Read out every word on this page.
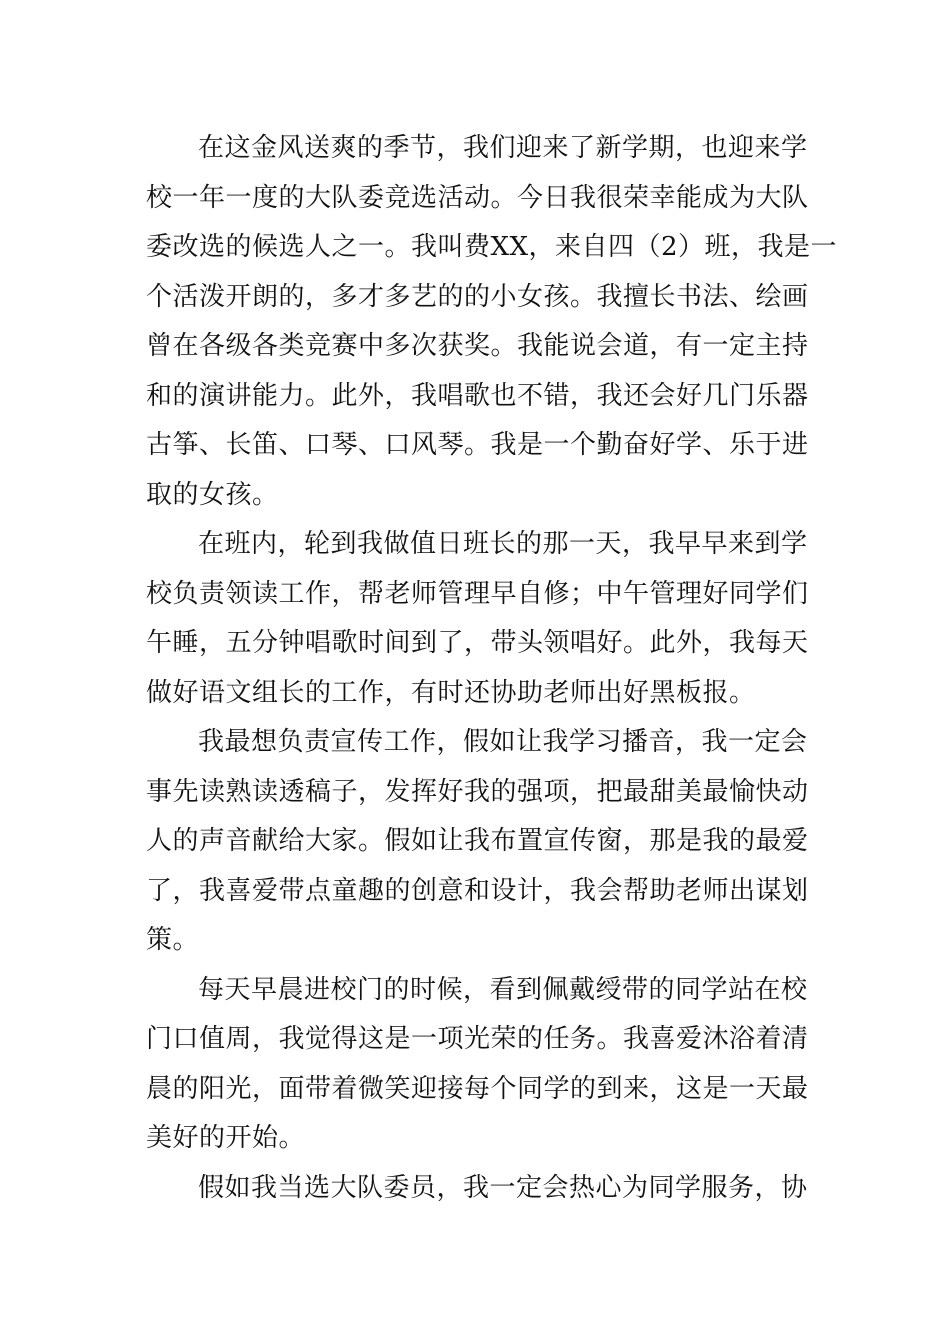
在这金风送爽的季节，我们迎来了新学期，也迎来学
校一年一度的大队委竞选活动。今日我很荣幸能成为大队
委改选的候选人之一。我叫费XX，来自四（2）班，我是一
个活泼开朗的，多才多艺的的小女孩。我擅长书法、绘画
曾在各级各类竞赛中多次获奖。我能说会道，有一定主持
和的演讲能力。此外，我唱歌也不错，我还会好几门乐器
古筝、长笛、口琴、口风琴。我是一个勤奋好学、乐于进
取的女孩。
在班内，轮到我做值日班长的那一天，我早早来到学
校负责领读工作，帮老师管理早自修；中午管理好同学们
午睡，五分钟唱歌时间到了，带头领唱好。此外，我每天
做好语文组长的工作，有时还协助老师出好黑板报。
我最想负责宣传工作，假如让我学习播音，我一定会
事先读熟读透稿子，发挥好我的强项，把最甜美最愉快动
人的声音献给大家。假如让我布置宣传窗，那是我的最爱
了，我喜爱带点童趣的创意和设计，我会帮助老师出谋划
策。
每天早晨进校门的时候，看到佩戴绶带的同学站在校
门口值周，我觉得这是一项光荣的任务。我喜爱沐浴着清
晨的阳光，面带着微笑迎接每个同学的到来，这是一天最
美好的开始。
假如我当选大队委员，我一定会热心为同学服务，协
